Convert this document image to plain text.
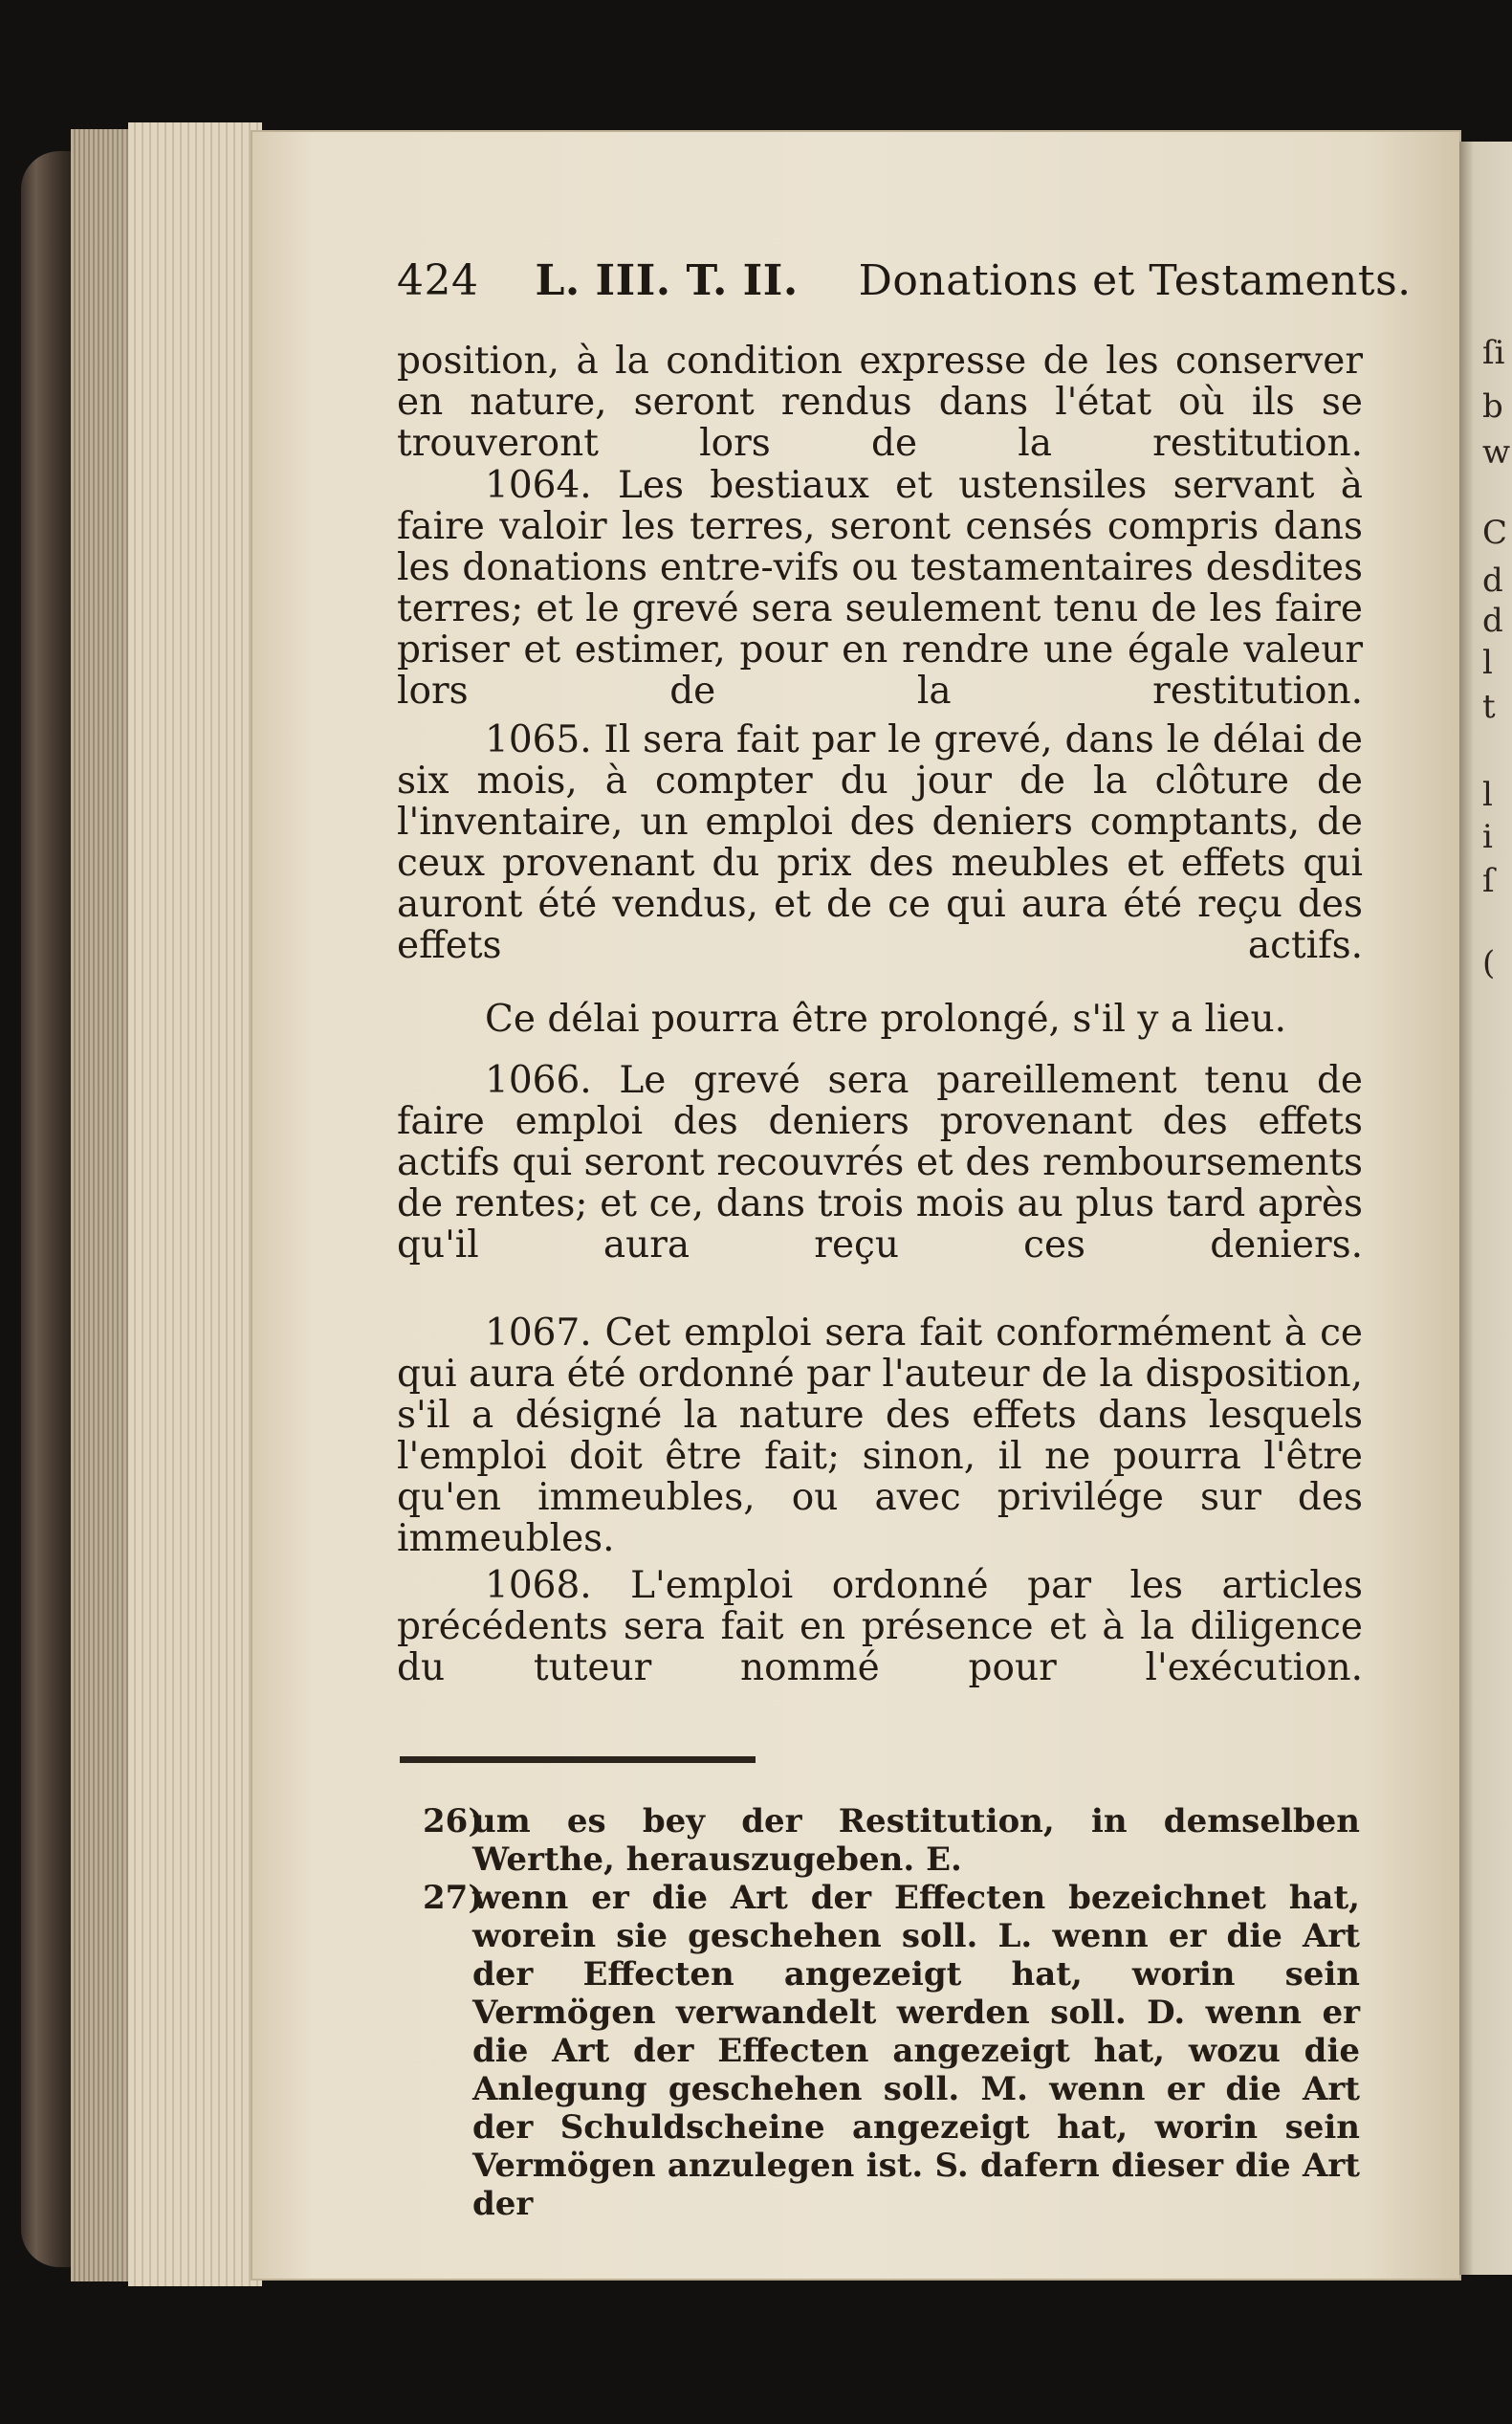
ſi
b
w
C
d
d
l
t
l
i
ſ
(
424 L. III. T. II. Donations et Testaments.

position, à la condition expresse de les conserver en nature, seront rendus dans l'état où ils se trouveront lors de la restitution.

1064. Les bestiaux et ustensiles servant à faire valoir les terres, seront censés compris dans les donations entre-vifs ou testamentaires desdites terres; et le grevé sera seulement tenu de les faire priser et estimer, pour en rendre une égale valeur lors de la restitution.

1065. Il sera fait par le grevé, dans le délai de six mois, à compter du jour de la clôture de l'inventaire, un emploi des deniers comptants, de ceux provenant du prix des meubles et effets qui auront été vendus, et de ce qui aura été reçu des effets actifs.

Ce délai pourra être prolongé, s'il y a lieu.

1066. Le grevé sera pareillement tenu de faire emploi des deniers provenant des effets actifs qui seront recouvrés et des remboursements de rentes; et ce, dans trois mois au plus tard après qu'il aura reçu ces deniers.

1067. Cet emploi sera fait conformément à ce qui aura été ordonné par l'auteur de la disposition, s'il a désigné la nature des effets dans lesquels l'emploi doit être fait; sinon, il ne pourra l'être qu'en immeubles, ou avec privilége sur des immeubles.

1068. L'emploi ordonné par les articles précédents sera fait en présence et à la diligence du tuteur nommé pour l'exécution.

26)
um es bey der Restitution, in demselben Werthe, herauszugeben. E.
27)
wenn er die Art der Effecten bezeichnet hat, worein sie geschehen soll. L. wenn er die Art der Effecten angezeigt hat, worin sein Vermögen verwandelt werden soll. D. wenn er die Art der Effecten angezeigt hat, wozu die Anlegung geschehen soll. M. wenn er die Art der Schuldscheine angezeigt hat, worin sein Vermögen anzulegen ist. S. dafern dieser die Art der
